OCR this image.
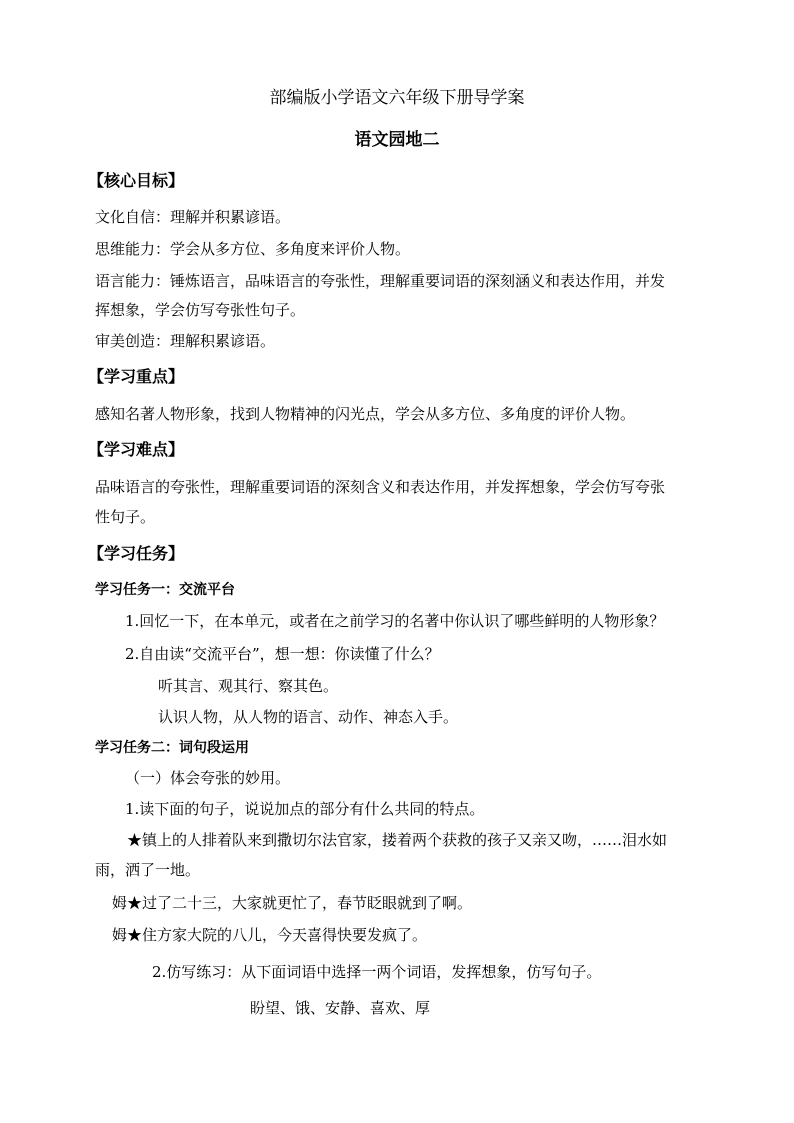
部编版小学语文六年级下册导学案
语文园地二
【核心目标】
文化自信：理解并积累谚语。
思维能力：学会从多方位、多角度来评价人物。
语言能力：锤炼语言，品味语言的夸张性，理解重要词语的深刻涵义和表达作用，并发
挥想象，学会仿写夸张性句子。
审美创造：理解积累谚语。
【学习重点】
感知名著人物形象，找到人物精神的闪光点，学会从多方位、多角度的评价人物。
【学习难点】
品味语言的夸张性，理解重要词语的深刻含义和表达作用，并发挥想象，学会仿写夸张
性句子。
【学习任务】
学习任务一：交流平台
1.回忆一下，在本单元，或者在之前学习的名著中你认识了哪些鲜明的人物形象？
2.自由读“交流平台”，想一想：你读懂了什么？
听其言、观其行、察其色。
认识人物，从人物的语言、动作、神态入手。
学习任务二：词句段运用
（一）体会夸张的妙用。
1.读下面的句子，说说加点的部分有什么共同的特点。
★镇上的人排着队来到撒切尔法官家，搂着两个获救的孩子又亲又吻，……泪水如
雨，洒了一地。
姆★过了二十三，大家就更忙了，春节眨眼就到了啊。
姆★住方家大院的八儿，今天喜得快要发疯了。
2.仿写练习：从下面词语中选择一两个词语，发挥想象，仿写句子。
盼望、饿、安静、喜欢、厚
